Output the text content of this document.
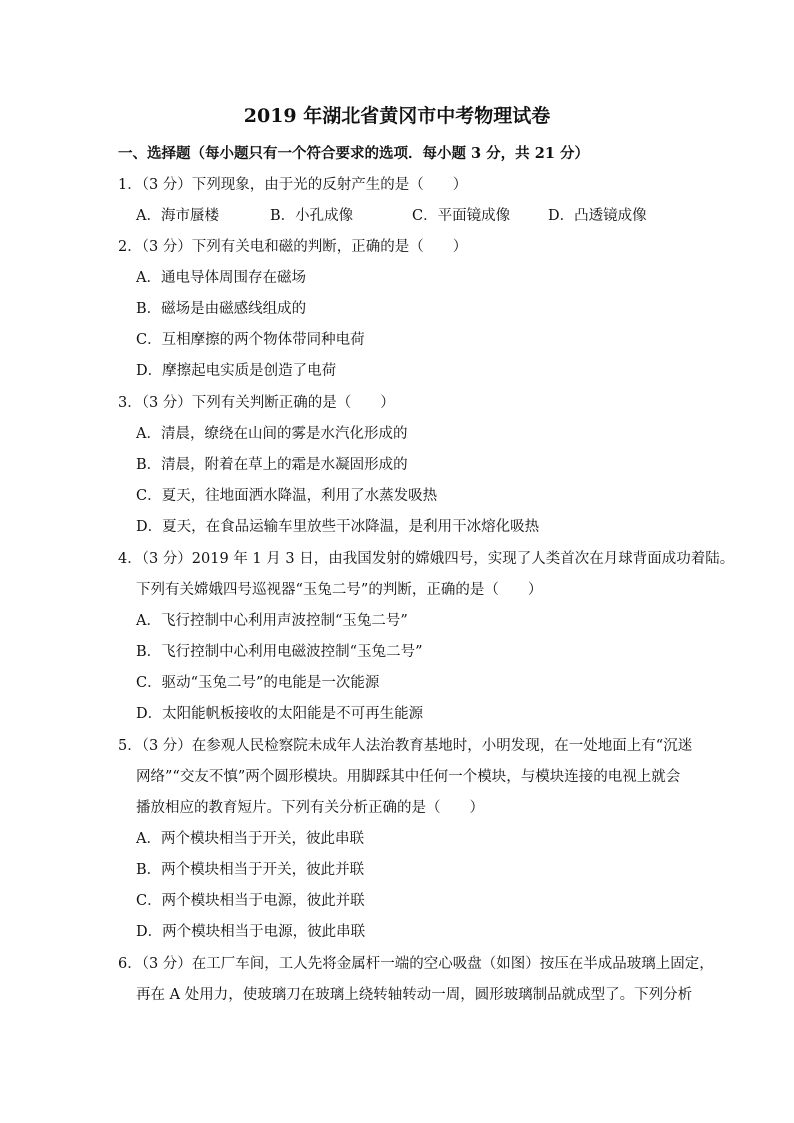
2019 年湖北省黄冈市中考物理试卷
一、选择题（每小题只有一个符合要求的选项．每小题 3 分，共 21 分）
1．（3 分）下列现象，由于光的反射产生的是（　　）
A．海市蜃楼	B．小孔成像	C．平面镜成像	D．凸透镜成像
2．（3 分）下列有关电和磁的判断，正确的是（　　）
A．通电导体周围存在磁场
B．磁场是由磁感线组成的
C．互相摩擦的两个物体带同种电荷
D．摩擦起电实质是创造了电荷
3．（3 分）下列有关判断正确的是（　　）
A．清晨，缭绕在山间的雾是水汽化形成的
B．清晨，附着在草上的霜是水凝固形成的
C．夏天，往地面洒水降温，利用了水蒸发吸热
D．夏天，在食品运输车里放些干冰降温，是利用干冰熔化吸热
4．（3 分）2019 年 1 月 3 日，由我国发射的嫦娥四号，实现了人类首次在月球背面成功着陆。
下列有关嫦娥四号巡视器“玉兔二号”的判断，正确的是（　　）
A．飞行控制中心利用声波控制“玉兔二号”
B．飞行控制中心利用电磁波控制“玉兔二号”
C．驱动“玉兔二号”的电能是一次能源
D．太阳能帆板接收的太阳能是不可再生能源
5．（3 分）在参观人民检察院未成年人法治教育基地时，小明发现，在一处地面上有“沉迷
网络”“交友不慎”两个圆形模块。用脚踩其中任何一个模块，与模块连接的电视上就会
播放相应的教育短片。下列有关分析正确的是（　　）
A．两个模块相当于开关，彼此串联
B．两个模块相当于开关，彼此并联
C．两个模块相当于电源，彼此并联
D．两个模块相当于电源，彼此串联
6．（3 分）在工厂车间，工人先将金属杆一端的空心吸盘（如图）按压在半成品玻璃上固定，
再在 A 处用力，使玻璃刀在玻璃上绕转轴转动一周，圆形玻璃制品就成型了。下列分析
